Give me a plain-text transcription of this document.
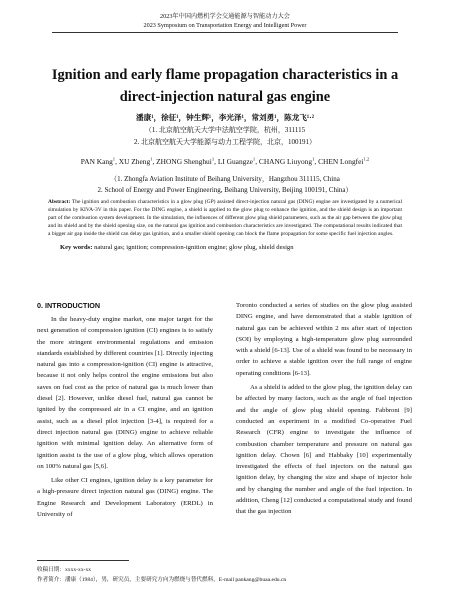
2023年中国内燃机学会交通能源与智能动力大会
2023 Symposium on Transportation Energy and Intelligent Power
Ignition and early flame propagation characteristics in a direct-injection natural gas engine
潘康¹，徐征¹，钟生辉¹，李光泽¹，常刘勇¹，陈龙飞¹·²
（1. 北京航空航天大学中法航空学院，杭州，311115
2. 北京航空航天大学能源与动力工程学院，北京，100191）
PAN Kang$^1$, XU Zheng$^1$, ZHONG Shenghui$^1$, LI Guangze$^1$, CHANG Liuyong$^1$, CHEN Longfei$^{1,2}$
（1. Zhongfa Aviation Institute of Beihang University，Hangzhou 311115, China
2. School of Energy and Power Engineering, Beihang University, Beijing 100191, China）
Abstract: The ignition and combustion characteristics in a glow plug (GP) assisted direct-injection natural gas (DING) engine are investigated by a numerical simulation by KIVA-3V in this paper. For the DING engine, a shield is applied to the glow plug to enhance the ignition, and the shield design is an important part of the combustion system development. In the simulation, the influences of different glow plug shield parameters, such as the air gap between the glow plug and its shield and by the shield opening size, on the natural gas ignition and combustion characteristics are investigated. The computational results indicated that a bigger air gap inside the shield can delay gas ignition, and a smaller shield opening can block the flame propagation for some specific fuel injection angles.
Key words: natural gas; ignition; compression-ignition engine; glow plug, shield design

0. INTRODUCTION

In the heavy-duty engine market, one major target for the next generation of compression ignition (CI) engines is to satisfy the more stringent environmental regulations and emission standards established by different countries [1]. Directly injecting natural gas into a compression-ignition (CI) engine is attractive, because it not only helps control the engine emissions but also saves on fuel cost as the price of natural gas is much lower than diesel [2]. However, unlike diesel fuel, natural gas cannot be ignited by the compressed air in a CI engine, and an ignition assist, such as a diesel pilot injection [3-4], is required for a direct injection natural gas (DING) engine to achieve reliable ignition with minimal ignition delay. An alternative form of ignition assist is the use of a glow plug, which allows operation on 100% natural gas [5,6].

Like other CI engines, ignition delay is a key parameter for a high-pressure direct injection natural gas (DING) engine. The Engine Research and Development Laboratory (ERDL) in University of

Toronto conducted a series of studies on the glow plug assisted DING engine, and have demonstrated that a stable ignition of natural gas can be achieved within 2 ms after start of injection (SOI) by employing a high-temperature glow plug surrounded with a shield [6-13]. Use of a shield was found to be necessary in order to achieve a stable ignition over the full range of engine operating conditions [6-13].

As a shield is added to the glow plug, the ignition delay can be affected by many factors, such as the angle of fuel injection and the angle of glow plug shield opening. Fabbroni [9] conducted an experiment in a modified Co-operative Fuel Research (CFR) engine to investigate the influence of combustion chamber temperature and pressure on natural gas ignition delay. Chown [6] and Habbaky [10] experimentally investigated the effects of fuel injectors on the natural gas ignition delay, by changing the size and shape of injector hole and by changing the number and angle of the fuel injection. In addition, Cheng [12] conducted a computational study and found that the gas injection

收稿日期：xxxx-xx-xx
作者简介：潘康（1984），男，研究员，主要研究方向为燃烧与替代燃料，E-mail pankang@buaa.edu.cn
